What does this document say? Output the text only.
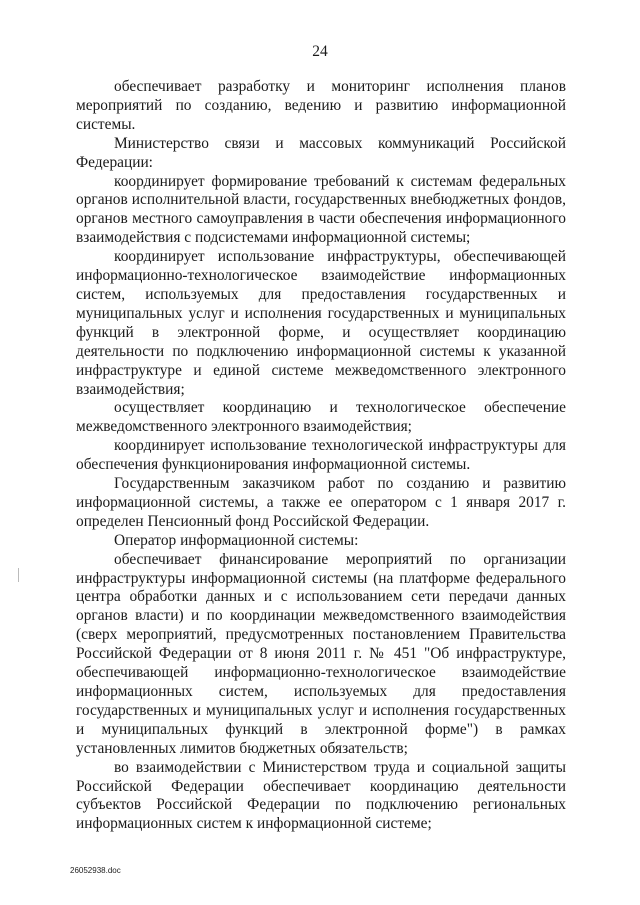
24

обеспечивает разработку и мониторинг исполнения планов мероприятий по созданию, ведению и развитию информационной системы.

Министерство связи и массовых коммуникаций Российской Федерации:

координирует формирование требований к системам федеральных органов исполнительной власти, государственных внебюджетных фондов, органов местного самоуправления в части обеспечения информационного взаимодействия с подсистемами информационной системы;

координирует использование инфраструктуры, обеспечивающей информационно-технологическое взаимодействие информационных систем, используемых для предоставления государственных и муниципальных услуг и исполнения государственных и муниципальных функций в электронной форме, и осуществляет координацию деятельности по подключению информационной системы к указанной инфраструктуре и единой системе межведомственного электронного взаимодействия;

осуществляет координацию и технологическое обеспечение межведомственного электронного взаимодействия;

координирует использование технологической инфраструктуры для обеспечения функционирования информационной системы.

Государственным заказчиком работ по созданию и развитию информационной системы, а также ее оператором с 1 января 2017 г. определен Пенсионный фонд Российской Федерации.

Оператор информационной системы:

обеспечивает финансирование мероприятий по организации инфраструктуры информационной системы (на платформе федерального центра обработки данных и с использованием сети передачи данных органов власти) и по координации межведомственного взаимодействия (сверх мероприятий, предусмотренных постановлением Правительства Российской Федерации от 8 июня 2011 г. № 451 "Об инфраструктуре, обеспечивающей информационно-технологическое взаимодействие информационных систем, используемых для предоставления государственных и муниципальных услуг и исполнения государственных и муниципальных функций в электронной форме") в рамках установленных лимитов бюджетных обязательств;

во взаимодействии с Министерством труда и социальной защиты Российской Федерации обеспечивает координацию деятельности субъектов Российской Федерации по подключению региональных информационных систем к информационной системе;

26052938.doc
